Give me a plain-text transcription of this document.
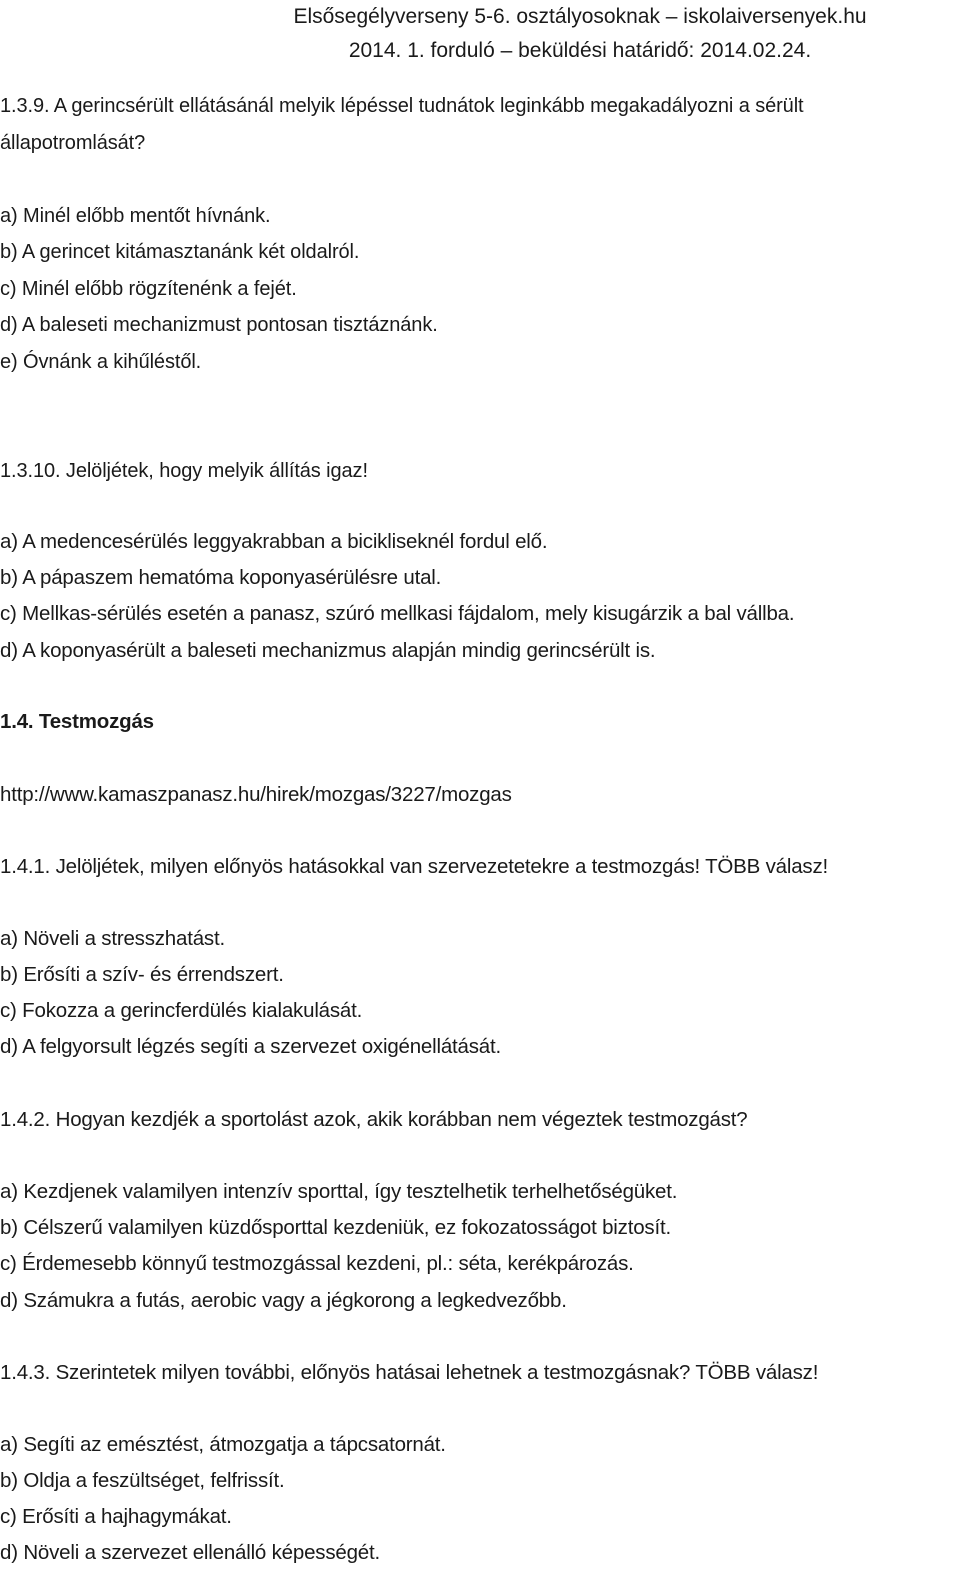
Elsősegélyverseny 5-6. osztályosoknak – iskolaiversenyek.hu
2014. 1. forduló – beküldési határidő: 2014.02.24.
1.3.9. A gerincsérült ellátásánál melyik lépéssel tudnátok leginkább megakadályozni a sérült
állapotromlását?
a) Minél előbb mentőt hívnánk.
b) A gerincet kitámasztanánk két oldalról.
c) Minél előbb rögzítenénk a fejét.
d) A baleseti mechanizmust pontosan tisztáznánk.
e) Óvnánk a kihűléstől.
1.3.10. Jelöljétek, hogy melyik állítás igaz!
a) A medencesérülés leggyakrabban a bicikliseknél fordul elő.
b) A pápaszem hematóma koponyasérülésre utal.
c) Mellkas-sérülés esetén a panasz, szúró mellkasi fájdalom, mely kisugárzik a bal vállba.
d) A koponyasérült a baleseti mechanizmus alapján mindig gerincsérült is.
1.4. Testmozgás
http://www.kamaszpanasz.hu/hirek/mozgas/3227/mozgas
1.4.1. Jelöljétek, milyen előnyös hatásokkal van szervezetetekre a testmozgás! TÖBB válasz!
a) Növeli a stresszhatást.
b) Erősíti a szív- és érrendszert.
c) Fokozza a gerincferdülés kialakulását.
d) A felgyorsult légzés segíti a szervezet oxigénellátását.
1.4.2. Hogyan kezdjék a sportolást azok, akik korábban nem végeztek testmozgást?
a) Kezdjenek valamilyen intenzív sporttal, így tesztelhetik terhelhetőségüket.
b) Célszerű valamilyen küzdősporttal kezdeniük, ez fokozatosságot biztosít.
c) Érdemesebb könnyű testmozgással kezdeni, pl.: séta, kerékpározás.
d) Számukra a futás, aerobic vagy a jégkorong a legkedvezőbb.
1.4.3. Szerintetek milyen további, előnyös hatásai lehetnek a testmozgásnak? TÖBB válasz!
a) Segíti az emésztést, átmozgatja a tápcsatornát.
b) Oldja a feszültséget, felfrissít.
c) Erősíti a hajhagymákat.
d) Növeli a szervezet ellenálló képességét.
